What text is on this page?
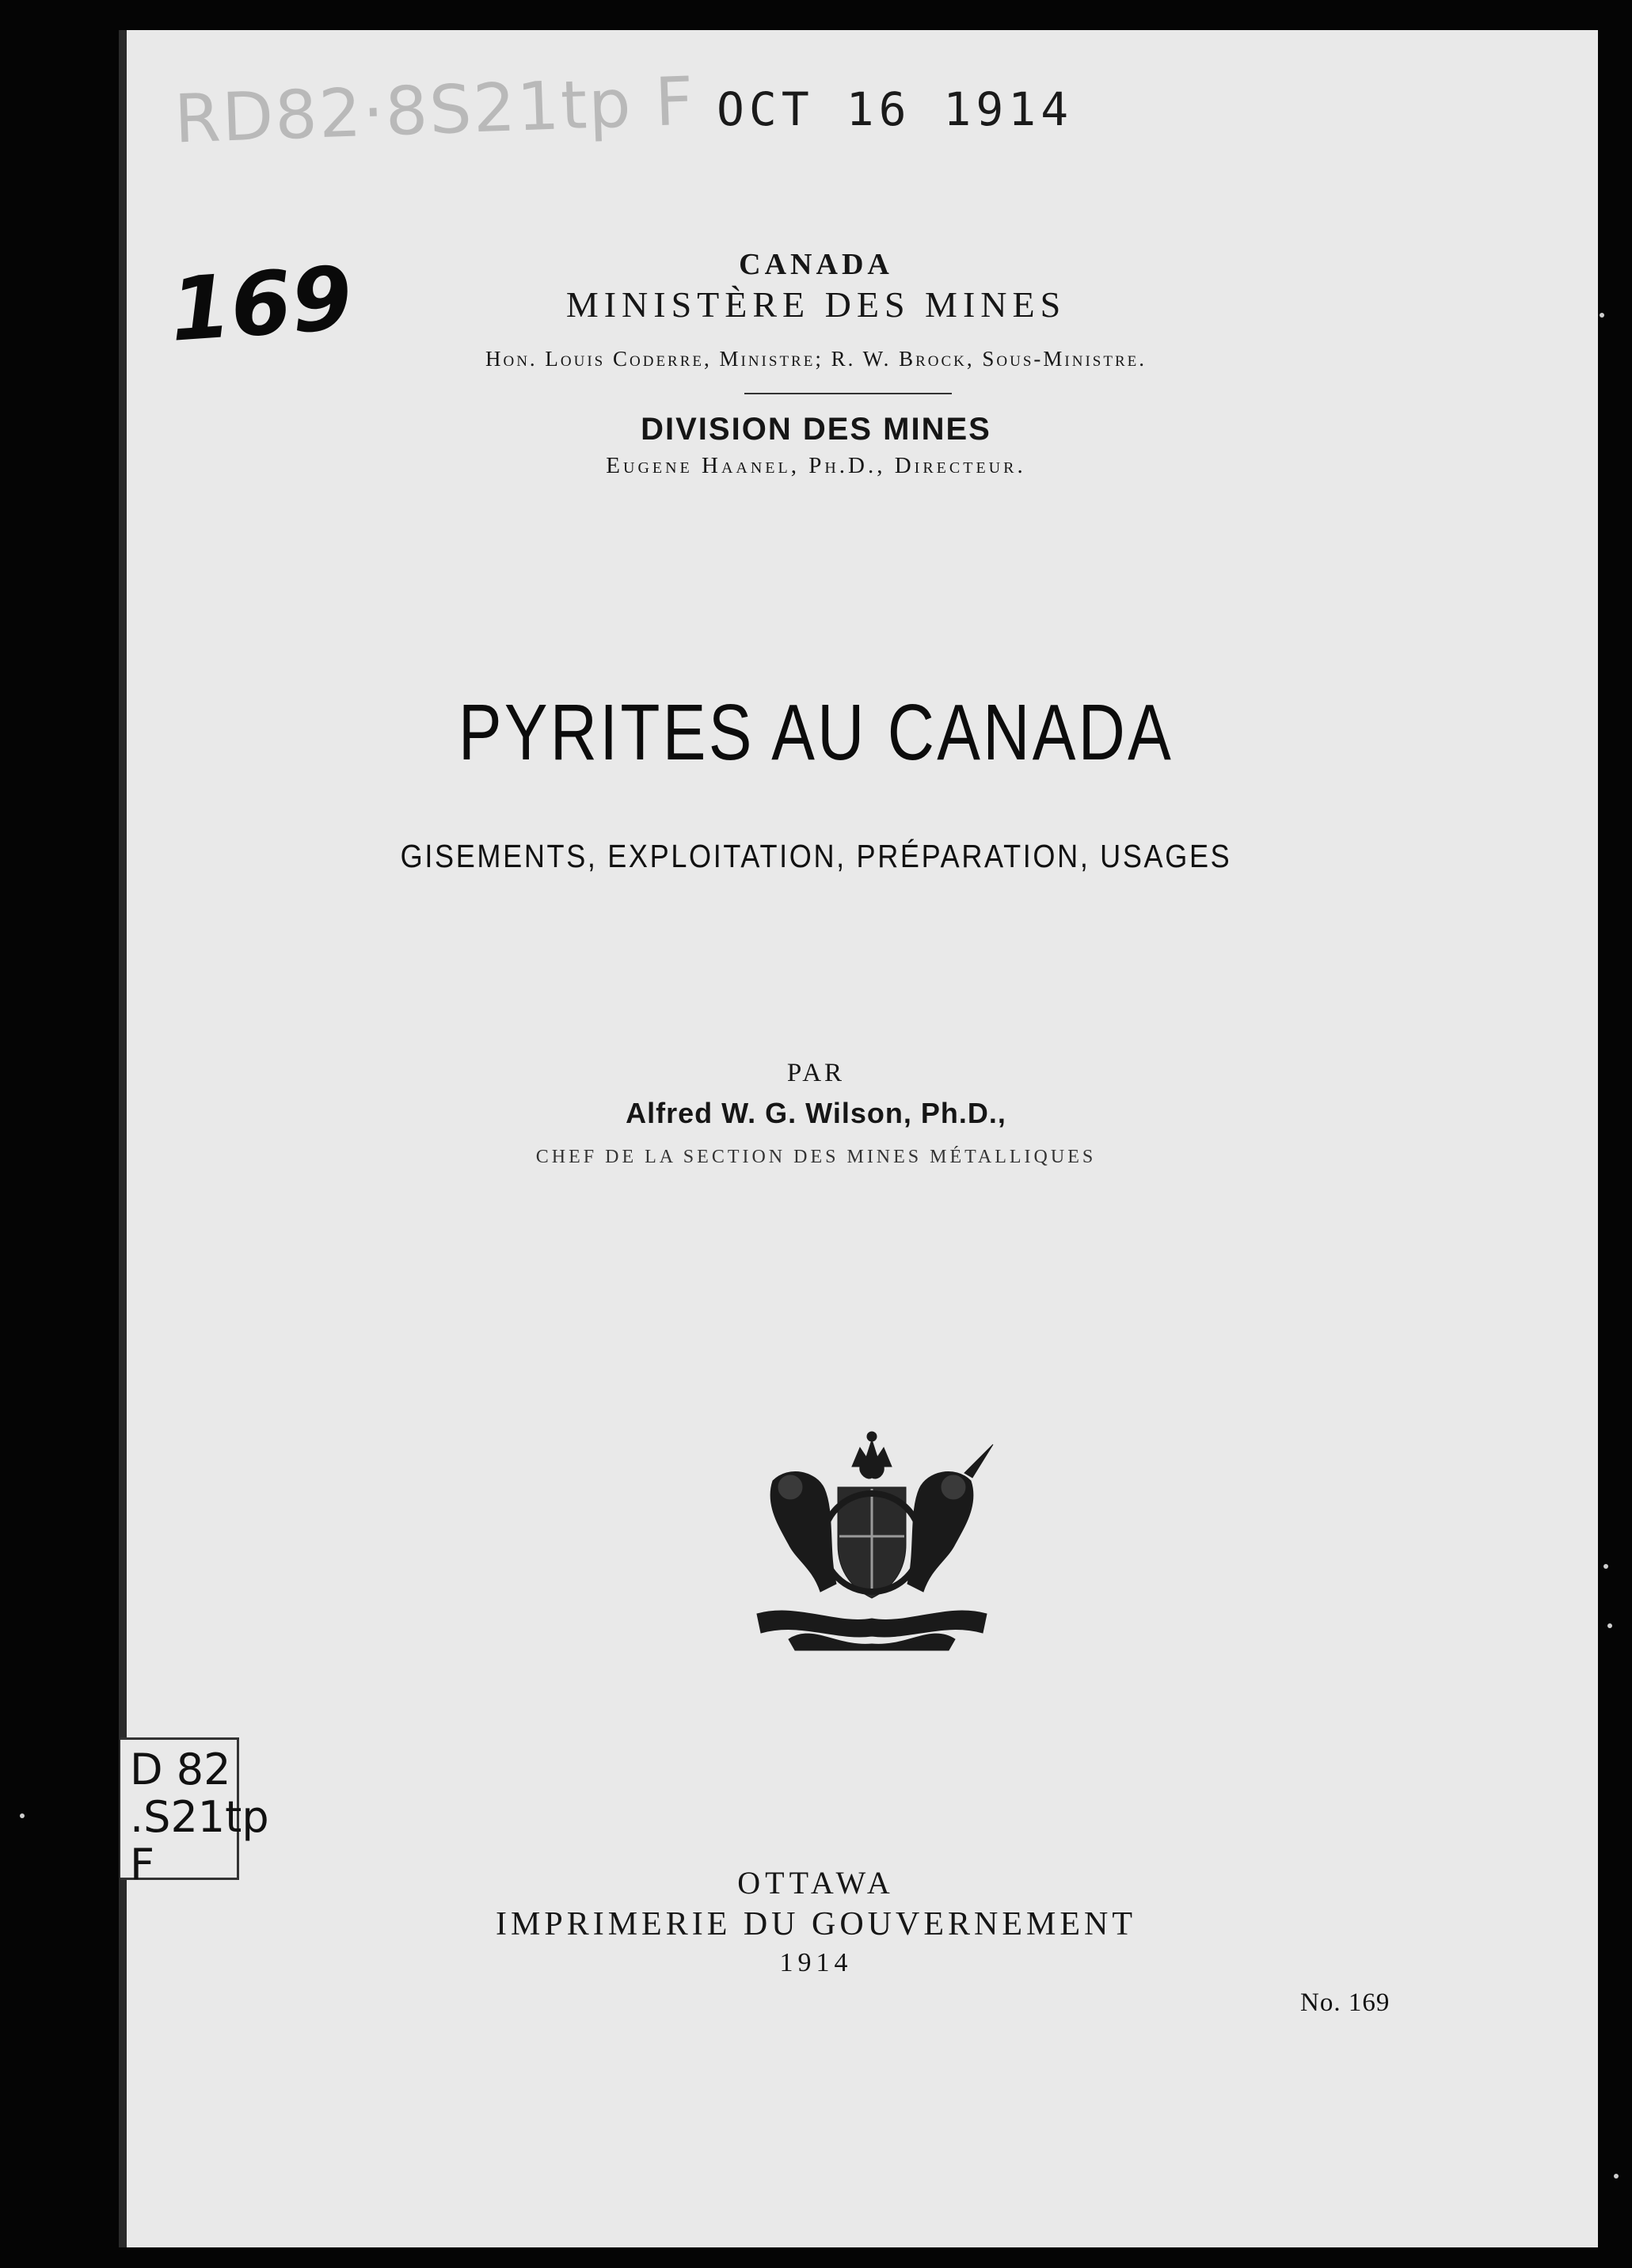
RD82·8S21tp F OCT 16 1914
169
D 82
.S21tp
F
CANADA
MINISTÈRE DES MINES
Hon. Louis Coderre, Ministre; R. W. Brock, Sous-Ministre.
DIVISION DES MINES
Eugene Haanel, Ph.D., Directeur.
PYRITES AU CANADA
GISEMENTS, EXPLOITATION, PRÉPARATION, USAGES
PAR
Alfred W. G. Wilson, Ph.D.,
CHEF DE LA SECTION DES MINES MÉTALLIQUES
OTTAWA
IMPRIMERIE DU GOUVERNEMENT
1914
No. 169
